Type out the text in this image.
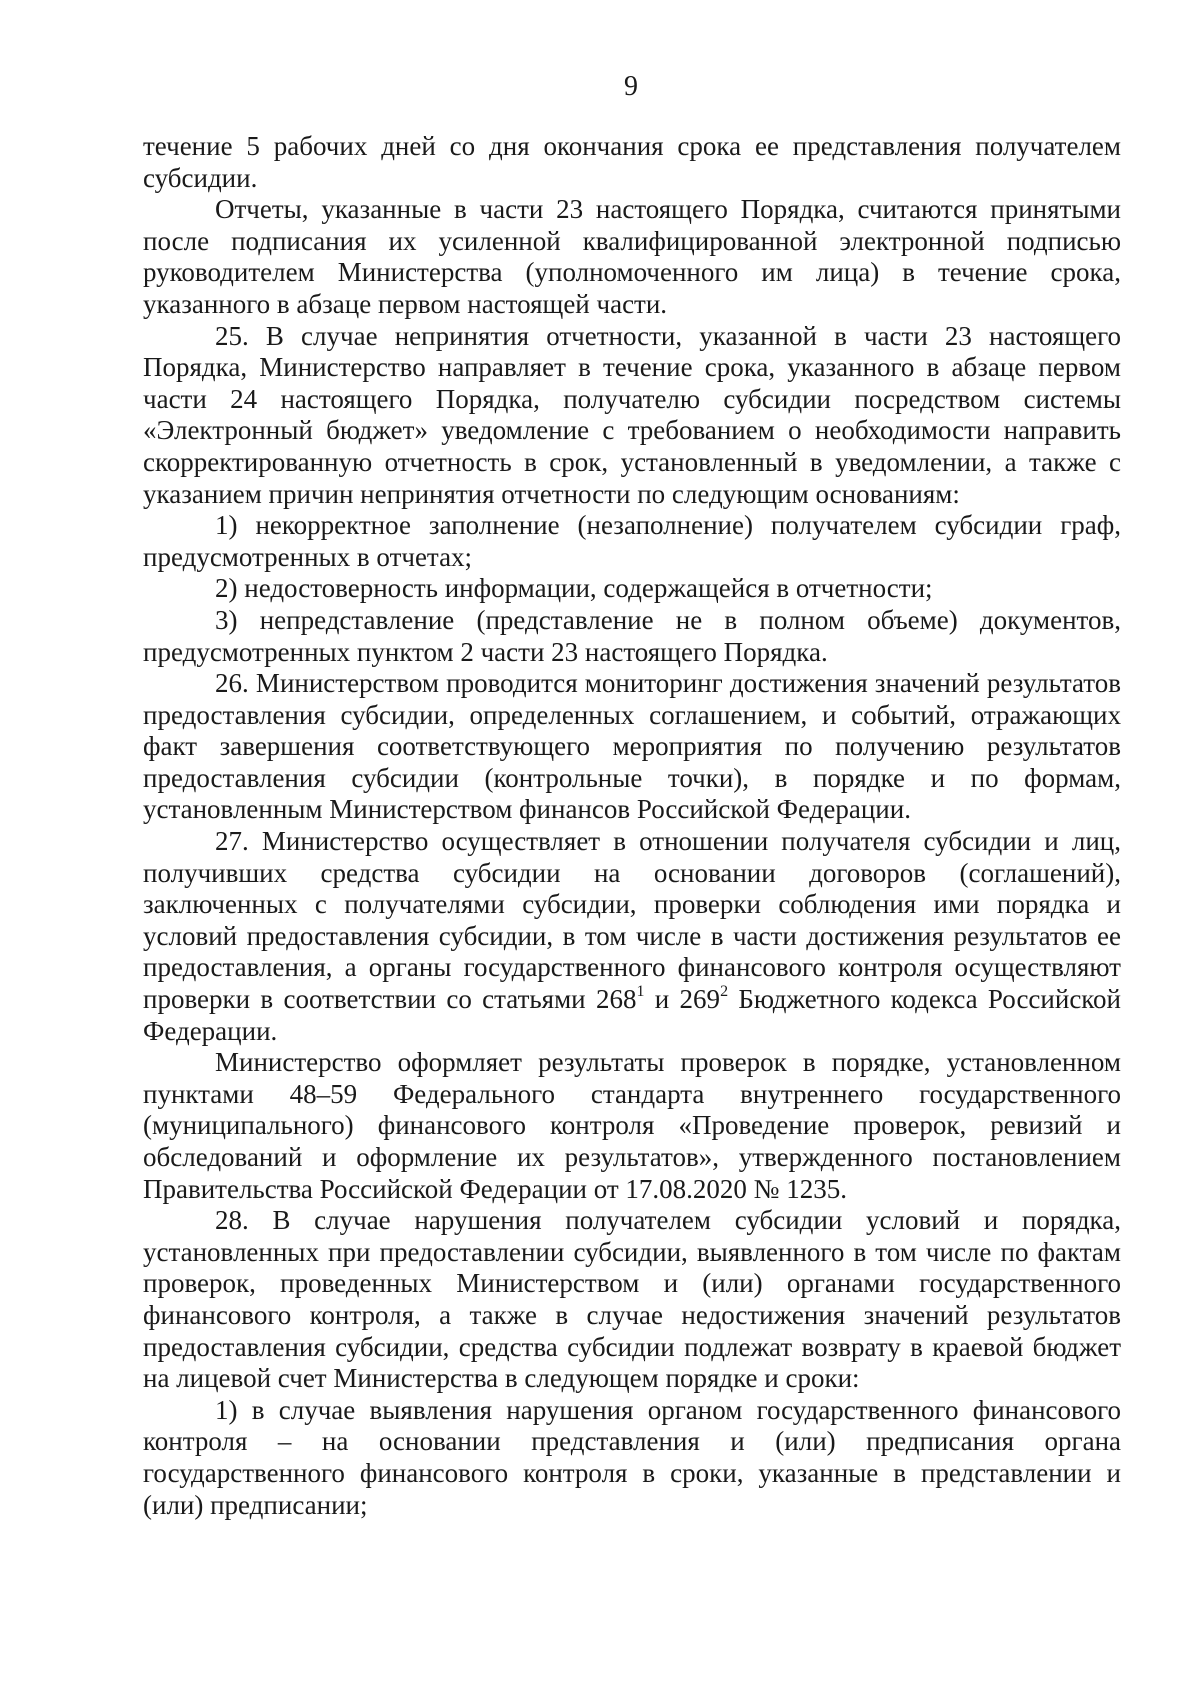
9

течение 5 рабочих дней со дня окончания срока ее представления получателем субсидии.

Отчеты, указанные в части 23 настоящего Порядка, считаются принятыми после подписания их усиленной квалифицированной электронной подписью руководителем Министерства (уполномоченного им лица) в течение срока, указанного в абзаце первом настоящей части.

25. В случае непринятия отчетности, указанной в части 23 настоящего Порядка, Министерство направляет в течение срока, указанного в абзаце первом части 24 настоящего Порядка, получателю субсидии посредством системы «Электронный бюджет» уведомление с требованием о необходимости направить скорректированную отчетность в срок, установленный в уведомлении, а также с указанием причин непринятия отчетности по следующим основаниям:

1) некорректное заполнение (незаполнение) получателем субсидии граф, предусмотренных в отчетах;

2) недостоверность информации, содержащейся в отчетности;

3) непредставление (представление не в полном объеме) документов, предусмотренных пунктом 2 части 23 настоящего Порядка.

26. Министерством проводится мониторинг достижения значений результатов предоставления субсидии, определенных соглашением, и событий, отражающих факт завершения соответствующего мероприятия по получению результатов предоставления субсидии (контрольные точки), в порядке и по формам, установленным Министерством финансов Российской Федерации.

27. Министерство осуществляет в отношении получателя субсидии и лиц, получивших средства субсидии на основании договоров (соглашений), заключенных с получателями субсидии, проверки соблюдения ими порядка и условий предоставления субсидии, в том числе в части достижения результатов ее предоставления, а органы государственного финансового контроля осуществляют проверки в соответствии со статьями $268^1$ и $269^2$ Бюджетного кодекса Российской Федерации.

Министерство оформляет результаты проверок в порядке, установленном пунктами 48–59 Федерального стандарта внутреннего государственного (муниципального) финансового контроля «Проведение проверок, ревизий и обследований и оформление их результатов», утвержденного постановлением Правительства Российской Федерации от 17.08.2020 № 1235.

28. В случае нарушения получателем субсидии условий и порядка, установленных при предоставлении субсидии, выявленного в том числе по фактам проверок, проведенных Министерством и (или) органами государственного финансового контроля, а также в случае недостижения значений результатов предоставления субсидии, средства субсидии подлежат возврату в краевой бюджет на лицевой счет Министерства в следующем порядке и сроки:

1) в случае выявления нарушения органом государственного финансового контроля – на основании представления и (или) предписания органа государственного финансового контроля в сроки, указанные в представлении и (или) предписании;
